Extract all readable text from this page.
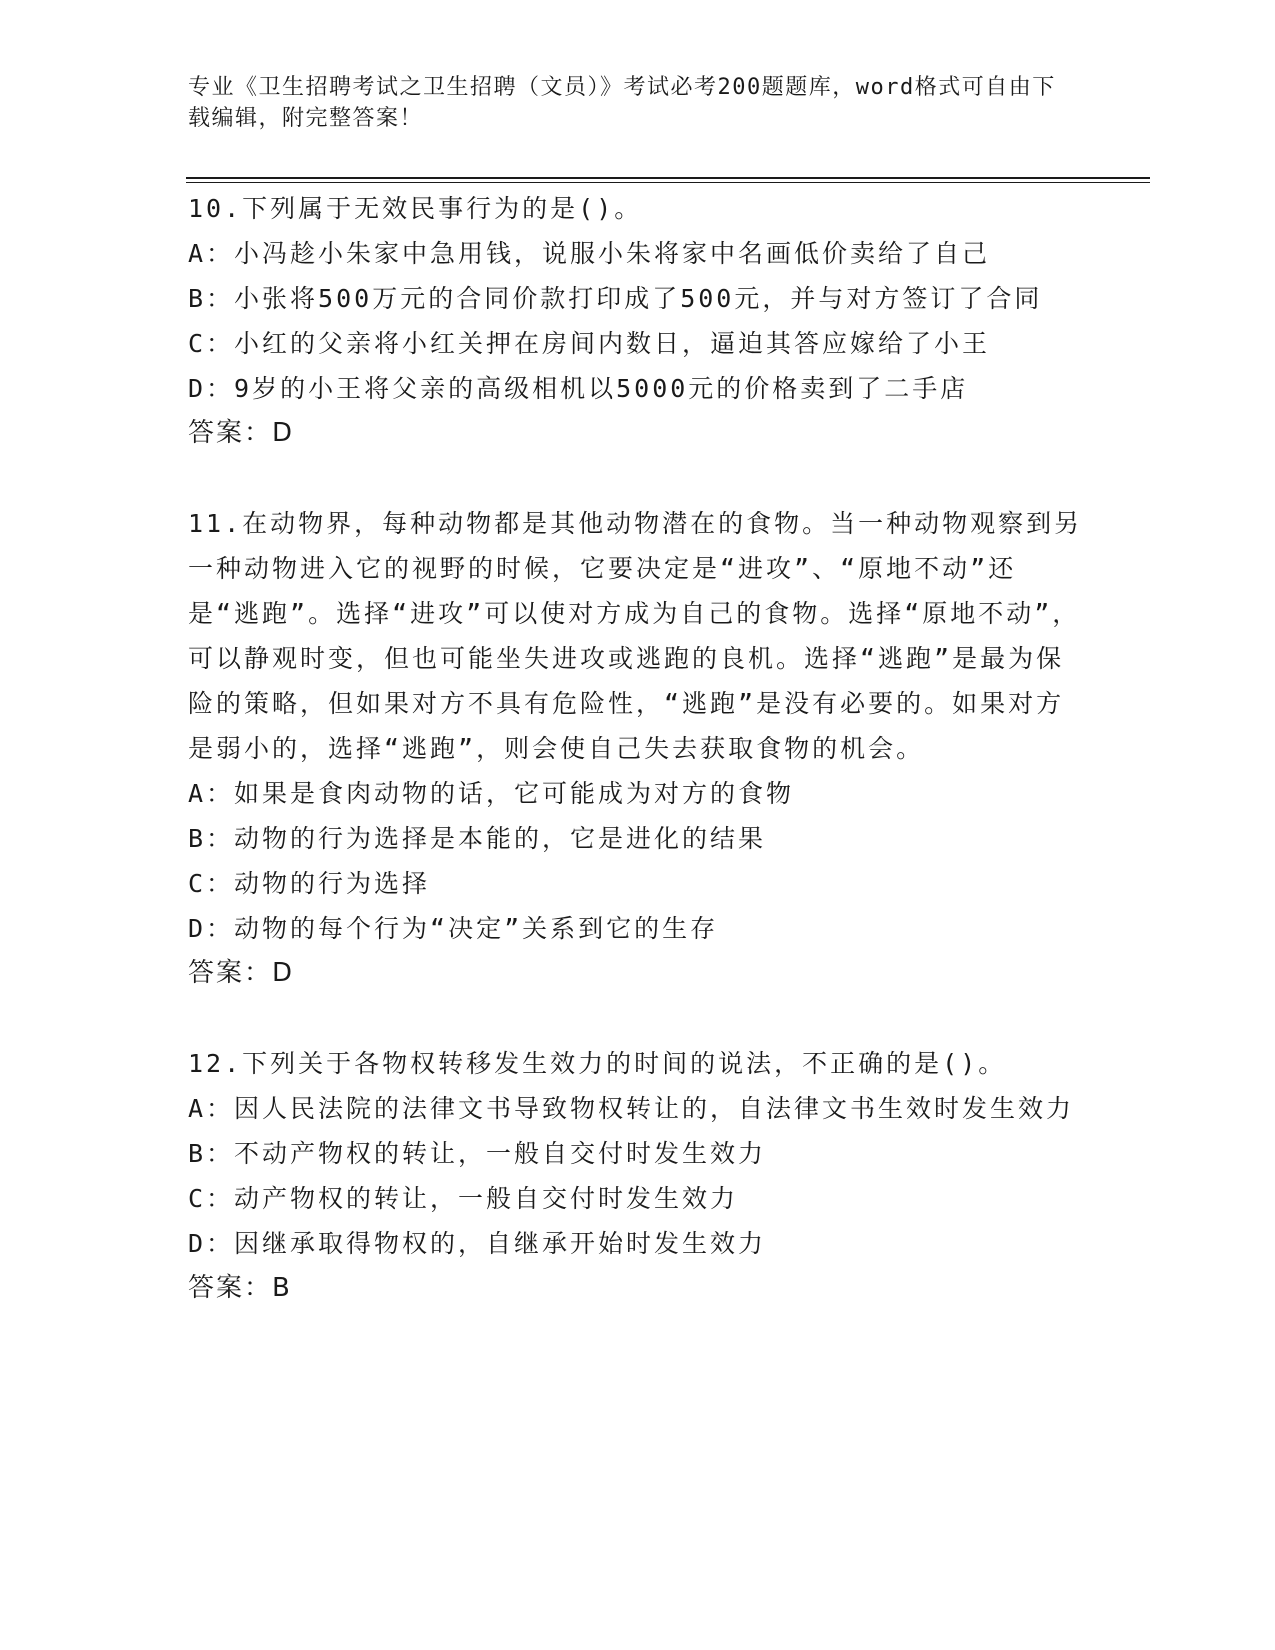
专业《卫生招聘考试之卫生招聘（文员）》考试必考200题题库，word格式可自由下载编辑，附完整答案！
10.下列属于无效民事行为的是()。
A：小冯趁小朱家中急用钱，说服小朱将家中名画低价卖给了自己
B：小张将500万元的合同价款打印成了500元，并与对方签订了合同
C：小红的父亲将小红关押在房间内数日，逼迫其答应嫁给了小王
D：9岁的小王将父亲的高级相机以5000元的价格卖到了二手店
答案：D
11.在动物界，每种动物都是其他动物潜在的食物。当一种动物观察到另一种动物进入它的视野的时候，它要决定是“进攻”、“原地不动”还是“逃跑”。选择“进攻”可以使对方成为自己的食物。选择“原地不动”，可以静观时变，但也可能坐失进攻或逃跑的良机。选择“逃跑”是最为保险的策略，但如果对方不具有危险性，“逃跑”是没有必要的。如果对方是弱小的，选择“逃跑”，则会使自己失去获取食物的机会。
A：如果是食肉动物的话，它可能成为对方的食物
B：动物的行为选择是本能的，它是进化的结果
C：动物的行为选择
D：动物的每个行为“决定”关系到它的生存
答案：D
12.下列关于各物权转移发生效力的时间的说法，不正确的是()。
A：因人民法院的法律文书导致物权转让的，自法律文书生效时发生效力
B：不动产物权的转让，一般自交付时发生效力
C：动产物权的转让，一般自交付时发生效力
D：因继承取得物权的，自继承开始时发生效力
答案：B
